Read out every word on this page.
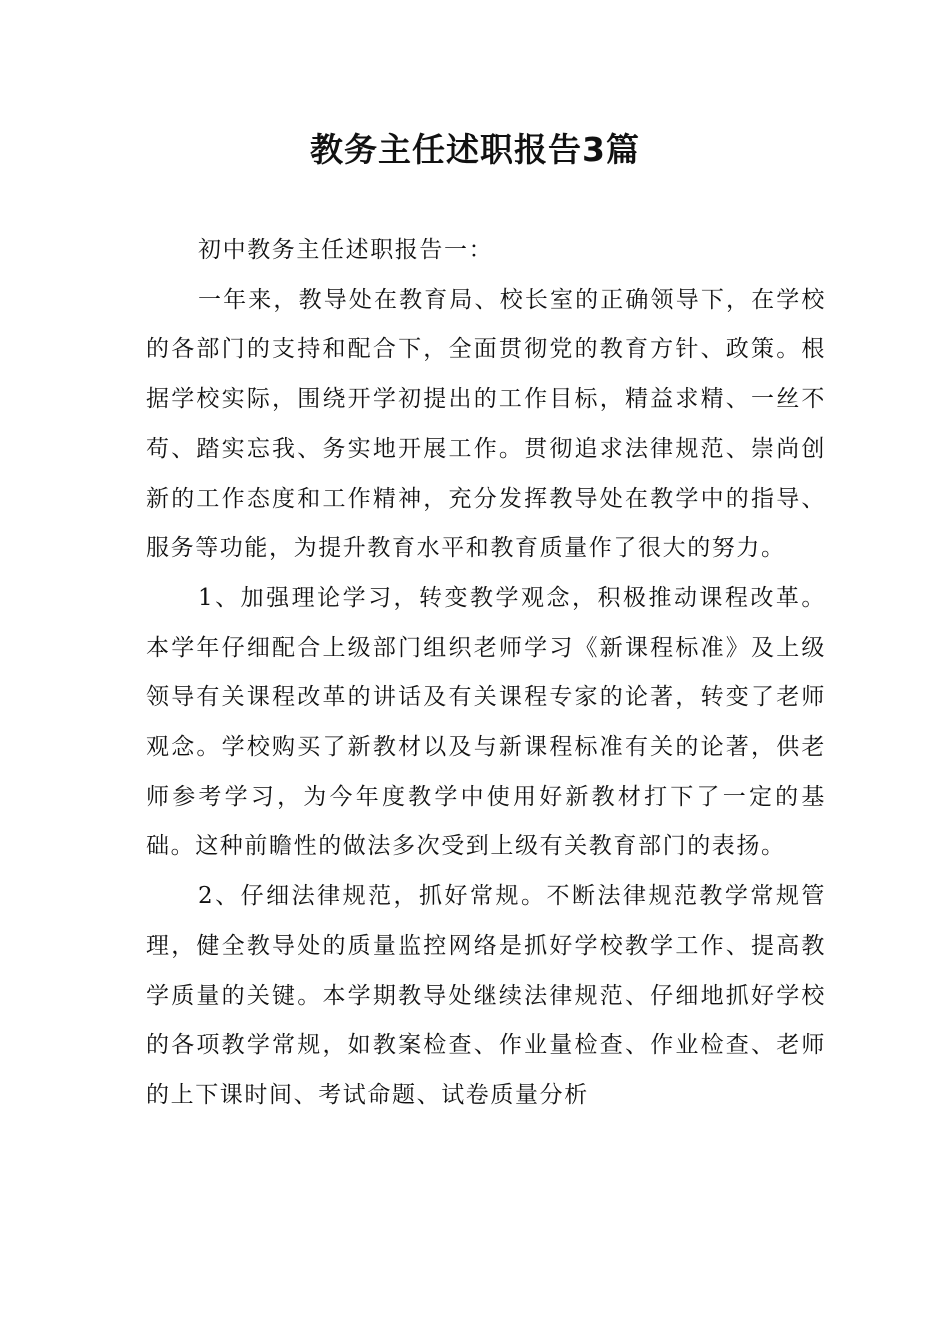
教务主任述职报告3篇

初中教务主任述职报告一：

一年来，教导处在教育局、校长室的正确领导下，在学校的各部门的支持和配合下，全面贯彻党的教育方针、政策。根据学校实际，围绕开学初提出的工作目标，精益求精、一丝不苟、踏实忘我、务实地开展工作。贯彻追求法律规范、崇尚创新的工作态度和工作精神，充分发挥教导处在教学中的指导、服务等功能，为提升教育水平和教育质量作了很大的努力。

1、加强理论学习，转变教学观念，积极推动课程改革。本学年仔细配合上级部门组织老师学习《新课程标准》及上级领导有关课程改革的讲话及有关课程专家的论著，转变了老师观念。学校购买了新教材以及与新课程标准有关的论著，供老师参考学习，为今年度教学中使用好新教材打下了一定的基础。这种前瞻性的做法多次受到上级有关教育部门的表扬。

2、仔细法律规范，抓好常规。不断法律规范教学常规管理，健全教导处的质量监控网络是抓好学校教学工作、提高教学质量的关键。本学期教导处继续法律规范、仔细地抓好学校的各项教学常规，如教案检查、作业量检查、作业检查、老师的上下课时间、考试命题、试卷质量分析
